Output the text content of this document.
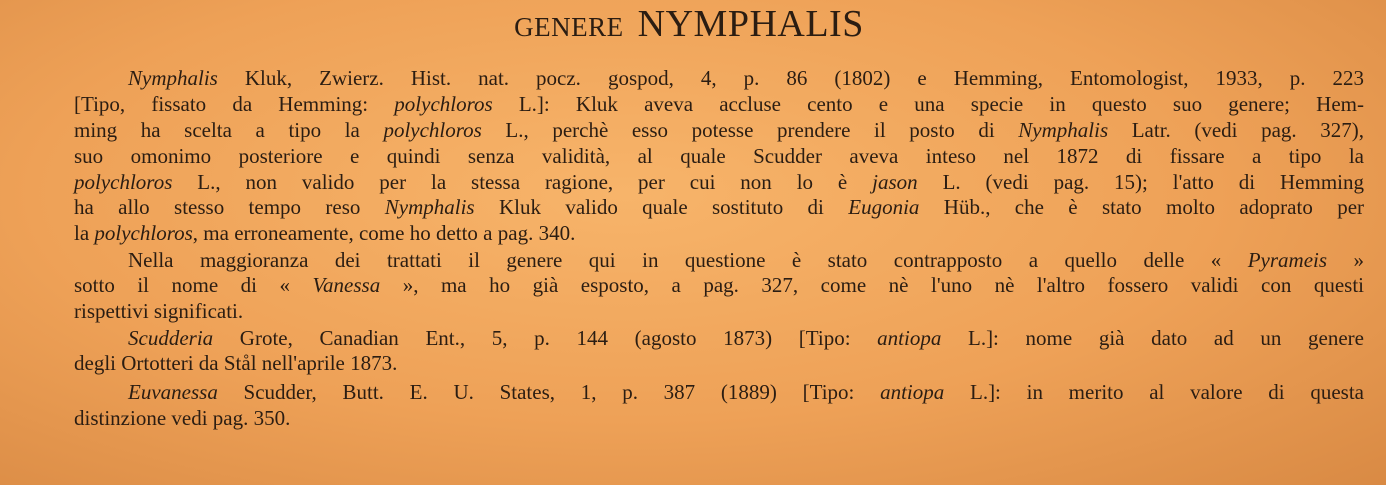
GENERE NYMPHALIS
Nymphalis Kluk, Zwierz. Hist. nat. pocz. gospod, 4, p. 86 (1802) e Hemming, Entomologist, 1933, p. 223
[Tipo, fissato da Hemming: polychloros L.]: Kluk aveva accluse cento e una specie in questo suo genere; Hem-
ming ha scelta a tipo la polychloros L., perchè esso potesse prendere il posto di Nymphalis Latr. (vedi pag. 327),
suo omonimo posteriore e quindi senza validità, al quale Scudder aveva inteso nel 1872 di fissare a tipo la
polychloros L., non valido per la stessa ragione, per cui non lo è jason L. (vedi pag. 15); l'atto di Hemming
ha allo stesso tempo reso Nymphalis Kluk valido quale sostituto di Eugonia Hüb., che è stato molto adoprato per
la polychloros, ma erroneamente, come ho detto a pag. 340.
Nella maggioranza dei trattati il genere qui in questione è stato contrapposto a quello delle « Pyrameis »
sotto il nome di « Vanessa », ma ho già esposto, a pag. 327, come nè l'uno nè l'altro fossero validi con questi
rispettivi significati.
Scudderia Grote, Canadian Ent., 5, p. 144 (agosto 1873) [Tipo: antiopa L.]: nome già dato ad un genere
degli Ortotteri da Stål nell'aprile 1873.
Euvanessa Scudder, Butt. E. U. States, 1, p. 387 (1889) [Tipo: antiopa L.]: in merito al valore di questa
distinzione vedi pag. 350.
